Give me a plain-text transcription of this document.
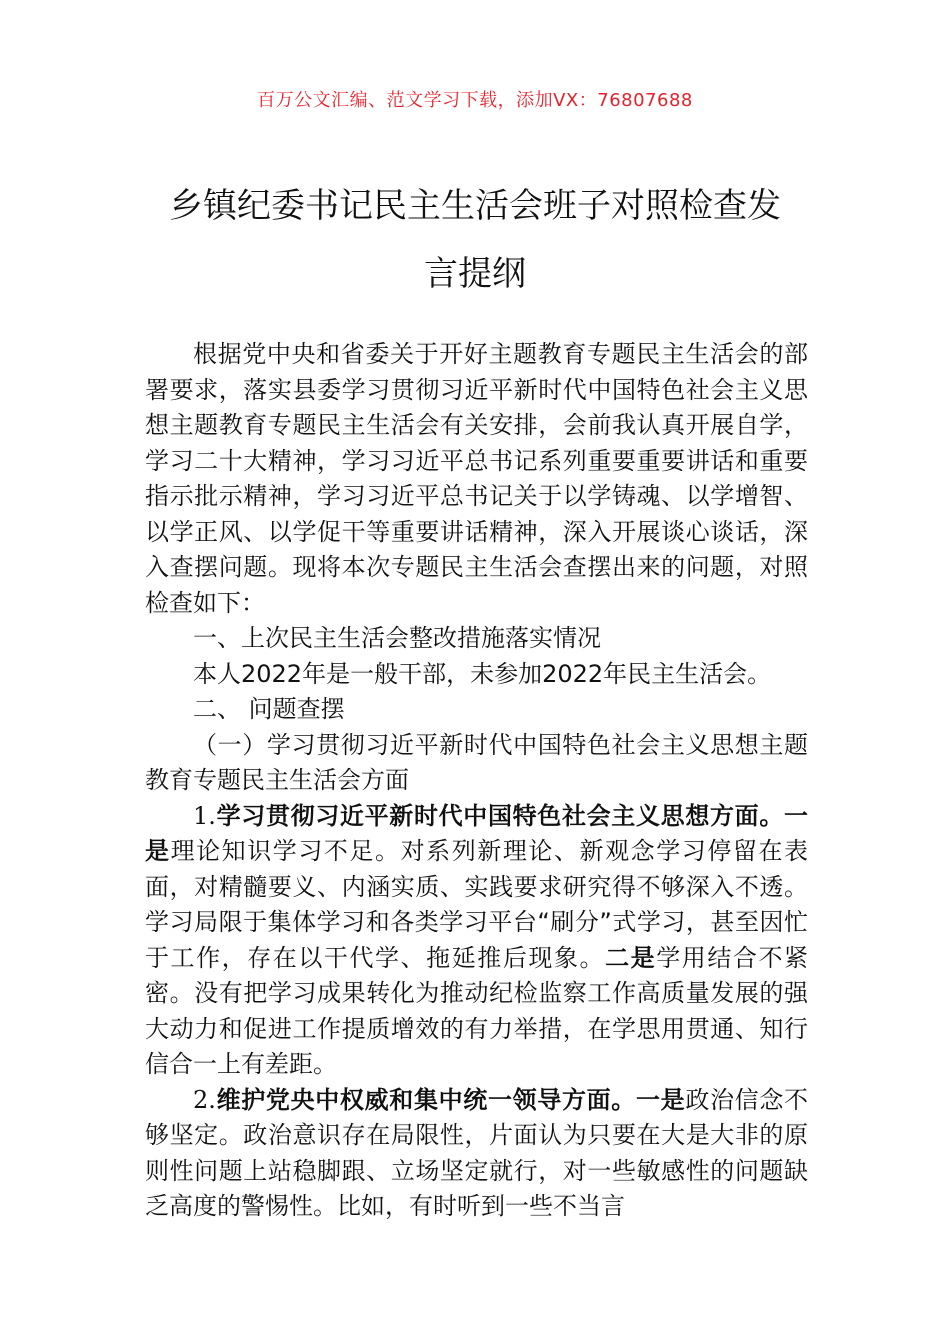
百万公文汇编、范文学习下载，添加VX：76807688
乡镇纪委书记民主生活会班子对照检查发
言提纲

根据党中央和省委关于开好主题教育专题民主生活会的部署要求，落实县委学习贯彻习近平新时代中国特色社会主义思想主题教育专题民主生活会有关安排，会前我认真开展自学，学习二十大精神，学习习近平总书记系列重要重要讲话和重要指示批示精神，学习习近平总书记关于以学铸魂、以学增智、以学正风、以学促干等重要讲话精神，深入开展谈心谈话，深入查摆问题。现将本次专题民主生活会查摆出来的问题，对照检查如下：

一、上次民主生活会整改措施落实情况

本人2022年是一般干部，未参加2022年民主生活会。

二、 问题查摆

（一）学习贯彻习近平新时代中国特色社会主义思想主题教育专题民主生活会方面

1.学习贯彻习近平新时代中国特色社会主义思想方面。一是理论知识学习不足。对系列新理论、新观念学习停留在表面，对精髓要义、内涵实质、实践要求研究得不够深入不透。学习局限于集体学习和各类学习平台“刷分”式学习，甚至因忙于工作，存在以干代学、拖延推后现象。二是学用结合不紧密。没有把学习成果转化为推动纪检监察工作高质量发展的强大动力和促进工作提质增效的有力举措，在学思用贯通、知行信合一上有差距。

2.维护党央中权威和集中统一领导方面。一是政治信念不够坚定。政治意识存在局限性，片面认为只要在大是大非的原则性问题上站稳脚跟、立场坚定就行，对一些敏感性的问题缺乏高度的警惕性。比如，有时听到一些不当言
